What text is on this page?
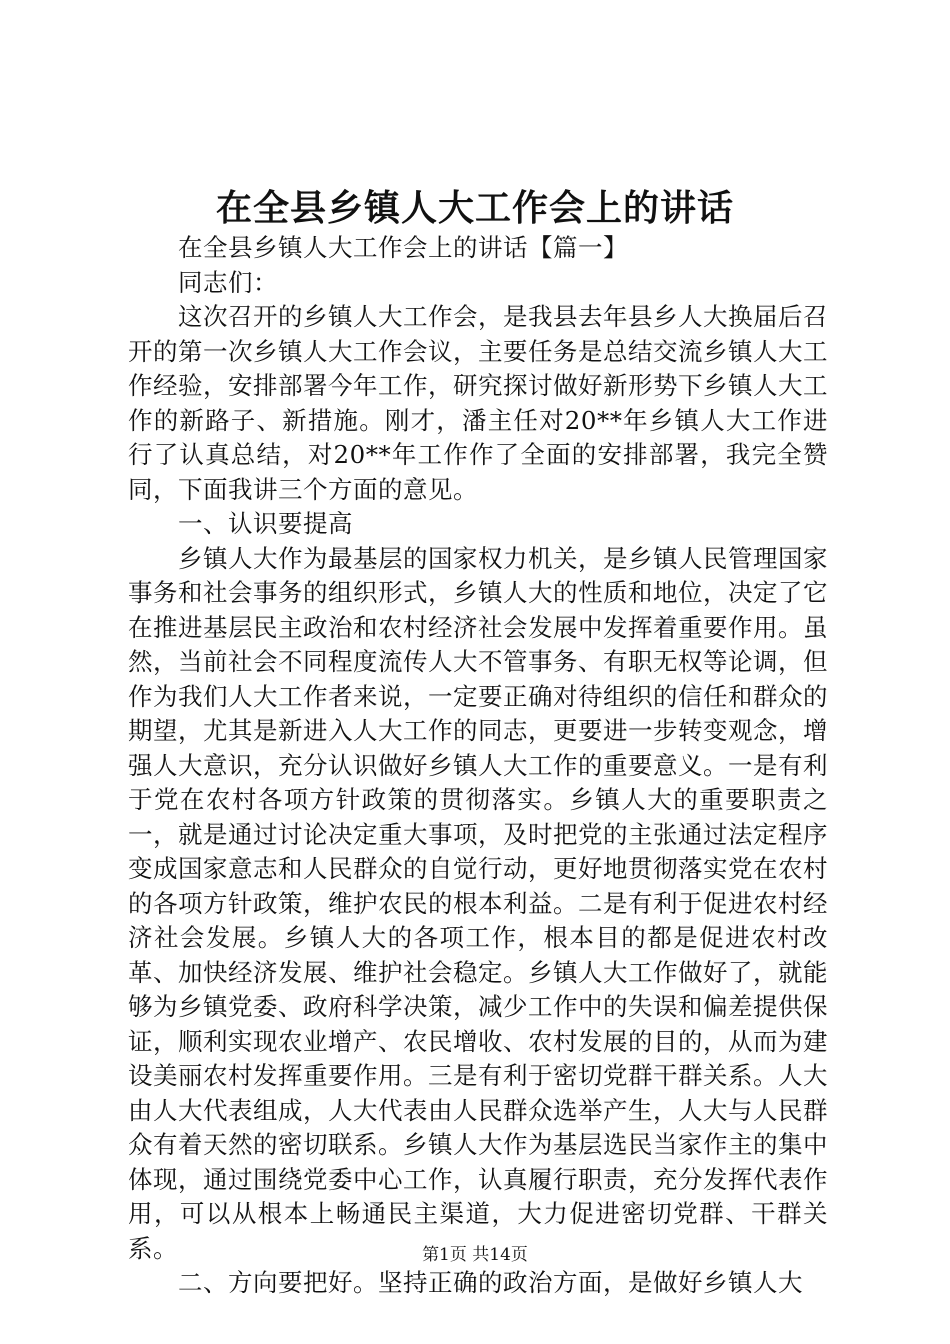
在全县乡镇人大工作会上的讲话

在全县乡镇人大工作会上的讲话【篇一】

同志们：

这次召开的乡镇人大工作会，是我县去年县乡人大换届后召开的第一次乡镇人大工作会议，主要任务是总结交流乡镇人大工作经验，安排部署今年工作，研究探讨做好新形势下乡镇人大工作的新路子、新措施。刚才，潘主任对20**年乡镇人大工作进行了认真总结，对20**年工作作了全面的安排部署，我完全赞同，下面我讲三个方面的意见。

一、认识要提高

乡镇人大作为最基层的国家权力机关，是乡镇人民管理国家事务和社会事务的组织形式，乡镇人大的性质和地位，决定了它在推进基层民主政治和农村经济社会发展中发挥着重要作用。虽然，当前社会不同程度流传人大不管事务、有职无权等论调，但作为我们人大工作者来说，一定要正确对待组织的信任和群众的期望，尤其是新进入人大工作的同志，更要进一步转变观念，增强人大意识，充分认识做好乡镇人大工作的重要意义。一是有利于党在农村各项方针政策的贯彻落实。乡镇人大的重要职责之一，就是通过讨论决定重大事项，及时把党的主张通过法定程序变成国家意志和人民群众的自觉行动，更好地贯彻落实党在农村的各项方针政策，维护农民的根本利益。二是有利于促进农村经济社会发展。乡镇人大的各项工作，根本目的都是促进农村改革、加快经济发展、维护社会稳定。乡镇人大工作做好了，就能够为乡镇党委、政府科学决策，减少工作中的失误和偏差提供保证，顺利实现农业增产、农民增收、农村发展的目的，从而为建设美丽农村发挥重要作用。三是有利于密切党群干群关系。人大由人大代表组成，人大代表由人民群众选举产生，人大与人民群众有着天然的密切联系。乡镇人大作为基层选民当家作主的集中体现，通过围绕党委中心工作，认真履行职责，充分发挥代表作用，可以从根本上畅通民主渠道，大力促进密切党群、干群关系。

二、方向要把好。坚持正确的政治方面，是做好乡镇人大

第1页 共14页
